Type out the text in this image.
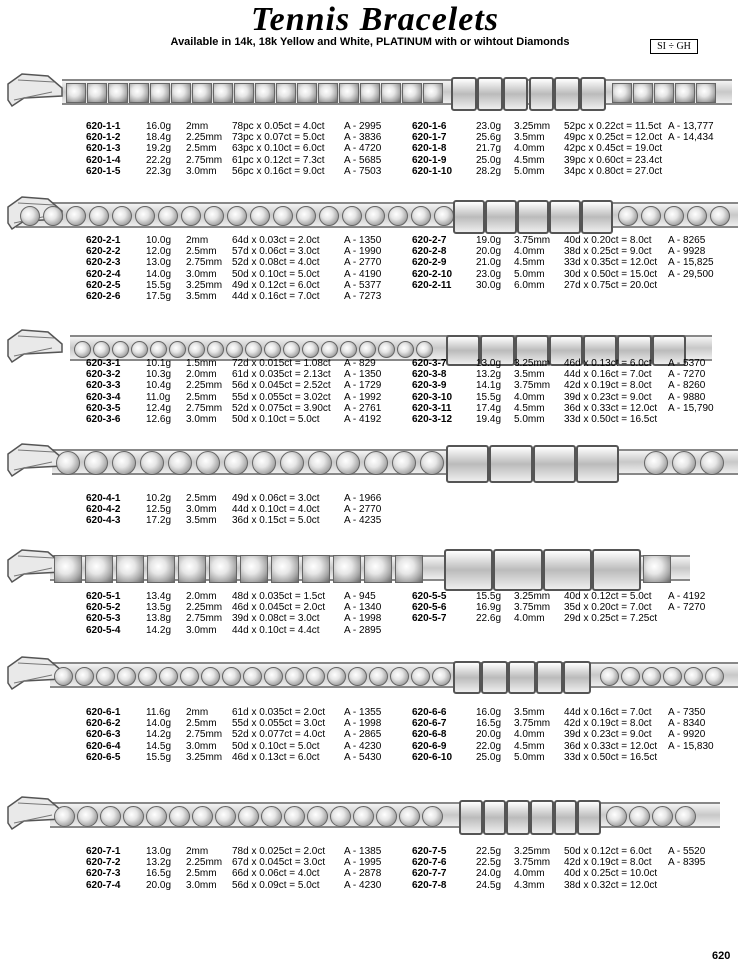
Tennis Bracelets
Available in 14k, 18k Yellow and White, PLATINUM with or wihtout Diamonds	SI ÷ GH
620-1-1	16.0g 2mm 78pc x 0.05ct = 4.0ct A - 2995
620-1-2	18.4g 2.25mm 73pc x 0.07ct = 5.0ct A - 3836
620-1-3	19.2g 2.5mm 63pc x 0.10ct = 6.0ct A - 4720
620-1-4	22.2g 2.75mm 61pc x 0.12ct = 7.3ct A - 5685
620-1-5	22.3g 3.0mm 56pc x 0.16ct = 9.0ct A - 7503
620-1-6	23.0g 3.25mm 52pc x 0.22ct = 11.5ct A - 13,777
620-1-7	25.6g 3.5mm 49pc x 0.25ct = 12.0ct A - 14,434
620-1-8	21.7g 4.0mm 42pc x 0.45ct = 19.0ct
620-1-9	25.0g 4.5mm 39pc x 0.60ct = 23.4ct
620-1-10 28.2g 5.0mm 34pc x 0.80ct = 27.0ct
620-2-1	10.0g 2mm 64d x 0.03ct = 2.0ct A - 1350
620-2-2	12.0g 2.5mm 57d x 0.06ct = 3.0ct A - 1990
620-2-3	13.0g 2.75mm 52d x 0.08ct = 4.0ct A - 2770
620-2-4	14.0g 3.0mm 50d x 0.10ct = 5.0ct A - 4190
620-2-5	15.5g 3.25mm 49d x 0.12ct = 6.0ct A - 5377
620-2-6	17.5g 3.5mm 44d x 0.16ct = 7.0ct A - 7273
620-2-7	19.0g 3.75mm 40d x 0.20ct = 8.0ct A - 8265
620-2-8	20.0g 4.0mm 38d x 0.25ct = 9.0ct A - 9928
620-2-9	21.0g 4.5mm 33d x 0.35ct = 12.0ct A - 15,825
620-2-10 23.0g 5.0mm 30d x 0.50ct = 15.0ct A - 29,500
620-2-11 30.0g 6.0mm 27d x 0.75ct = 20.0ct
620-3-1	10.1g 1.5mm 72d x 0.015ct = 1.08ct A - 829
620-3-2	10.3g 2.0mm 61d x 0.035ct = 2.13ct A - 1350
620-3-3	10.4g 2.25mm 56d x 0.045ct = 2.52ct A - 1729
620-3-4	11.0g 2.5mm 55d x 0.055ct = 3.02ct A - 1992
620-3-5	12.4g 2.75mm 52d x 0.075ct = 3.90ct A - 2761
620-3-6	12.6g 3.0mm 50d x 0.10ct = 5.0ct A - 4192
620-3-7	13.0g 3.25mm 46d x 0.13ct = 6.0ct A - 5370
620-3-8	13.2g 3.5mm 44d x 0.16ct = 7.0ct A - 7270
620-3-9	14.1g 3.75mm 42d x 0.19ct = 8.0ct A - 8260
620-3-10 15.5g 4.0mm 39d x 0.23ct = 9.0ct A - 9880
620-3-11 17.4g 4.5mm 36d x 0.33ct = 12.0ct A - 15,790
620-3-12 19.4g 5.0mm 33d x 0.50ct = 16.5ct
620-4-1	10.2g 2.5mm 49d x 0.06ct = 3.0ct A - 1966
620-4-2	12.5g 3.0mm 44d x 0.10ct = 4.0ct A - 2770
620-4-3	17.2g 3.5mm 36d x 0.15ct = 5.0ct A - 4235
620-5-1	13.4g 2.0mm 48d x 0.035ct = 1.5ct A - 945
620-5-2	13.5g 2.25mm 46d x 0.045ct = 2.0ct A - 1340
620-5-3	13.8g 2.75mm 39d x 0.08ct = 3.0ct A - 1998
620-5-4	14.2g 3.0mm 44d x 0.10ct = 4.4ct A - 2895
620-5-5	15.5g 3.25mm 40d x 0.12ct = 5.0ct A - 4192
620-5-6	16.9g 3.75mm 35d x 0.20ct = 7.0ct A - 7270
620-5-7	22.6g 4.0mm 29d x 0.25ct = 7.25ct
620-6-1	11.6g 2mm 61d x 0.035ct = 2.0ct A - 1355
620-6-2	14.0g 2.5mm 55d x 0.055ct = 3.0ct A - 1998
620-6-3	14.2g 2.75mm 52d x 0.077ct = 4.0ct A - 2865
620-6-4	14.5g 3.0mm 50d x 0.10ct = 5.0ct A - 4230
620-6-5	15.5g 3.25mm 46d x 0.13ct = 6.0ct A - 5430
620-6-6	16.0g 3.5mm 44d x 0.16ct = 7.0ct A - 7350
620-6-7	16.5g 3.75mm 42d x 0.19ct = 8.0ct A - 8340
620-6-8	20.0g 4.0mm 39d x 0.23ct = 9.0ct A - 9920
620-6-9	22.0g 4.5mm 36d x 0.33ct = 12.0ct A - 15,830
620-6-10 25.0g 5.0mm 33d x 0.50ct = 16.5ct
620-7-1	13.0g 2mm 78d x 0.025ct = 2.0ct A - 1385
620-7-2	13.2g 2.25mm 67d x 0.045ct = 3.0ct A - 1995
620-7-3	16.5g 2.5mm 66d x 0.06ct = 4.0ct A - 2878
620-7-4	20.0g 3.0mm 56d x 0.09ct = 5.0ct A - 4230
620-7-5	22.5g 3.25mm 50d x 0.12ct = 6.0ct A - 5520
620-7-6	22.5g 3.75mm 42d x 0.19ct = 8.0ct A - 8395
620-7-7	24.0g 4.0mm 40d x 0.25ct = 10.0ct
620-7-8	24.5g 4.3mm 38d x 0.32ct = 12.0ct
620
